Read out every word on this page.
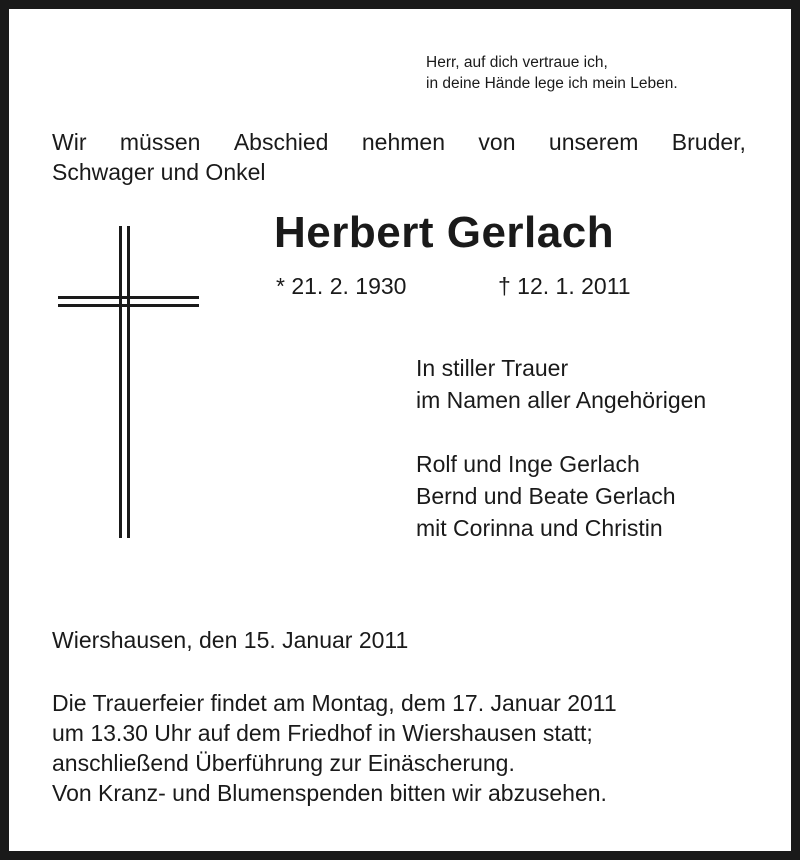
Herr, auf dich vertraue ich,
in deine Hände lege ich mein Leben.
Wir müssen Abschied nehmen von unserem Bruder,
Schwager und Onkel
Herbert Gerlach
* 21. 2. 1930	† 12. 1. 2011
In stiller Trauer
im Namen aller Angehörigen
Rolf und Inge Gerlach
Bernd und Beate Gerlach
mit Corinna und Christin
Wiershausen, den 15. Januar 2011
Die Trauerfeier findet am Montag, dem 17. Januar 2011
um 13.30 Uhr auf dem Friedhof in Wiershausen statt;
anschließend Überführung zur Einäscherung.
Von Kranz- und Blumenspenden bitten wir abzusehen.
